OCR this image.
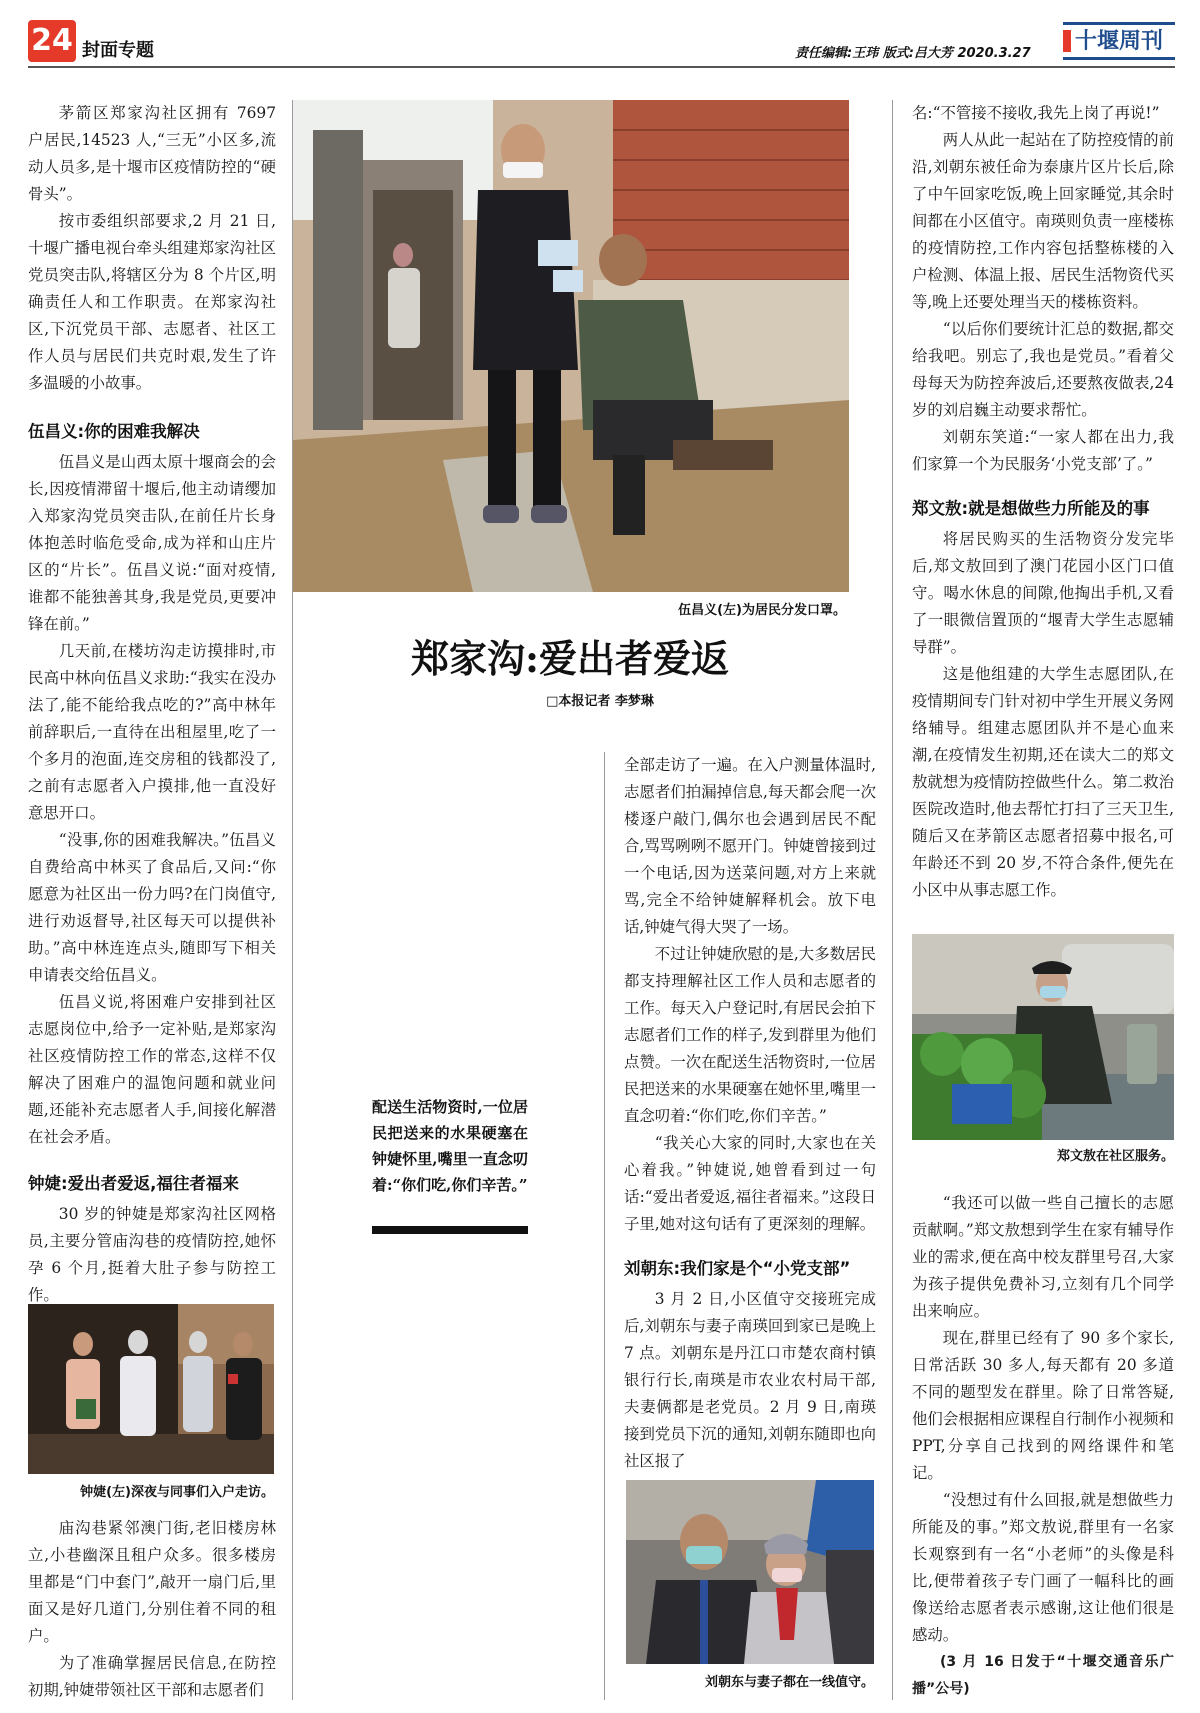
24 封面专题	责任编辑:王玮 版式:吕大芳 2020.3.27 十堰周刊

茅箭区郑家沟社区拥有 7697 户居民,14523 人,“三无”小区多,流动人员多,是十堰市区疫情防控的“硬骨头”。

按市委组织部要求,2 月 21 日,十堰广播电视台牵头组建郑家沟社区党员突击队,将辖区分为 8 个片区,明确责任人和工作职责。在郑家沟社区,下沉党员干部、志愿者、社区工作人员与居民们共克时艰,发生了许多温暖的小故事。

伍昌义:你的困难我解决

伍昌义是山西太原十堰商会的会长,因疫情滞留十堰后,他主动请缨加入郑家沟党员突击队,在前任片长身体抱恙时临危受命,成为祥和山庄片区的“片长”。伍昌义说:“面对疫情,谁都不能独善其身,我是党员,更要冲锋在前。”

几天前,在楼坊沟走访摸排时,市民高中林向伍昌义求助:“我实在没办法了,能不能给我点吃的?”高中林年前辞职后,一直待在出租屋里,吃了一个多月的泡面,连交房租的钱都没了,之前有志愿者入户摸排,他一直没好意思开口。

“没事,你的困难我解决。”伍昌义自费给高中林买了食品后,又问:“你愿意为社区出一份力吗?在门岗值守,进行劝返督导,社区每天可以提供补助。”高中林连连点头,随即写下相关申请表交给伍昌义。

伍昌义说,将困难户安排到社区志愿岗位中,给予一定补贴,是郑家沟社区疫情防控工作的常态,这样不仅解决了困难户的温饱问题和就业问题,还能补充志愿者人手,间接化解潜在社会矛盾。

钟婕:爱出者爱返,福往者福来

30 岁的钟婕是郑家沟社区网格员,主要分管庙沟巷的疫情防控,她怀孕 6 个月,挺着大肚子参与防控工作。

钟婕(左)深夜与同事们入户走访。

庙沟巷紧邻澳门街,老旧楼房林立,小巷幽深且租户众多。很多楼房里都是“门中套门”,敲开一扇门后,里面又是好几道门,分别住着不同的租户。

为了准确掌握居民信息,在防控初期,钟婕带领社区干部和志愿者们

伍昌义(左)为居民分发口罩。
郑家沟:爱出者爱返
□本报记者 李梦琳
配送生活物资时,一位居民把送来的水果硬塞在钟婕怀里,嘴里一直念叨着:“你们吃,你们辛苦。”

全部走访了一遍。在入户测量体温时,志愿者们拍漏掉信息,每天都会爬一次楼逐户敲门,偶尔也会遇到居民不配合,骂骂咧咧不愿开门。钟婕曾接到过一个电话,因为送菜问题,对方上来就骂,完全不给钟婕解释机会。放下电话,钟婕气得大哭了一场。

不过让钟婕欣慰的是,大多数居民都支持理解社区工作人员和志愿者的工作。每天入户登记时,有居民会拍下志愿者们工作的样子,发到群里为他们点赞。一次在配送生活物资时,一位居民把送来的水果硬塞在她怀里,嘴里一直念叨着:“你们吃,你们辛苦。”

“我关心大家的同时,大家也在关心着我。”钟婕说,她曾看到过一句话:“爱出者爱返,福往者福来。”这段日子里,她对这句话有了更深刻的理解。

刘朝东:我们家是个“小党支部”

3 月 2 日,小区值守交接班完成后,刘朝东与妻子南瑛回到家已是晚上 7 点。刘朝东是丹江口市楚农商村镇银行行长,南瑛是市农业农村局干部,夫妻俩都是老党员。2 月 9 日,南瑛接到党员下沉的通知,刘朝东随即也向社区报了

刘朝东与妻子都在一线值守。

名:“不管接不接收,我先上岗了再说!”

两人从此一起站在了防控疫情的前沿,刘朝东被任命为泰康片区片长后,除了中午回家吃饭,晚上回家睡觉,其余时间都在小区值守。南瑛则负责一座楼栋的疫情防控,工作内容包括整栋楼的入户检测、体温上报、居民生活物资代买等,晚上还要处理当天的楼栋资料。

“以后你们要统计汇总的数据,都交给我吧。别忘了,我也是党员。”看着父母每天为防控奔波后,还要熬夜做表,24 岁的刘启巍主动要求帮忙。

刘朝东笑道:“一家人都在出力,我们家算一个为民服务‘小党支部’了。”

郑文敖:就是想做些力所能及的事

将居民购买的生活物资分发完毕后,郑文敖回到了澳门花园小区门口值守。喝水休息的间隙,他掏出手机,又看了一眼微信置顶的“堰青大学生志愿辅导群”。

这是他组建的大学生志愿团队,在疫情期间专门针对初中学生开展义务网络辅导。组建志愿团队并不是心血来潮,在疫情发生初期,还在读大二的郑文敖就想为疫情防控做些什么。第二救治医院改造时,他去帮忙打扫了三天卫生,随后又在茅箭区志愿者招募中报名,可年龄还不到 20 岁,不符合条件,便先在小区中从事志愿工作。

郑文敖在社区服务。

“我还可以做一些自己擅长的志愿贡献啊。”郑文敖想到学生在家有辅导作业的需求,便在高中校友群里号召,大家为孩子提供免费补习,立刻有几个同学出来响应。

现在,群里已经有了 90 多个家长,日常活跃 30 多人,每天都有 20 多道不同的题型发在群里。除了日常答疑,他们会根据相应课程自行制作小视频和 PPT,分享自己找到的网络课件和笔记。

“没想过有什么回报,就是想做些力所能及的事。”郑文敖说,群里有一名家长观察到有一名“小老师”的头像是科比,便带着孩子专门画了一幅科比的画像送给志愿者表示感谢,这让他们很是感动。

(3 月 16 日发于“十堰交通音乐广播”公号)
